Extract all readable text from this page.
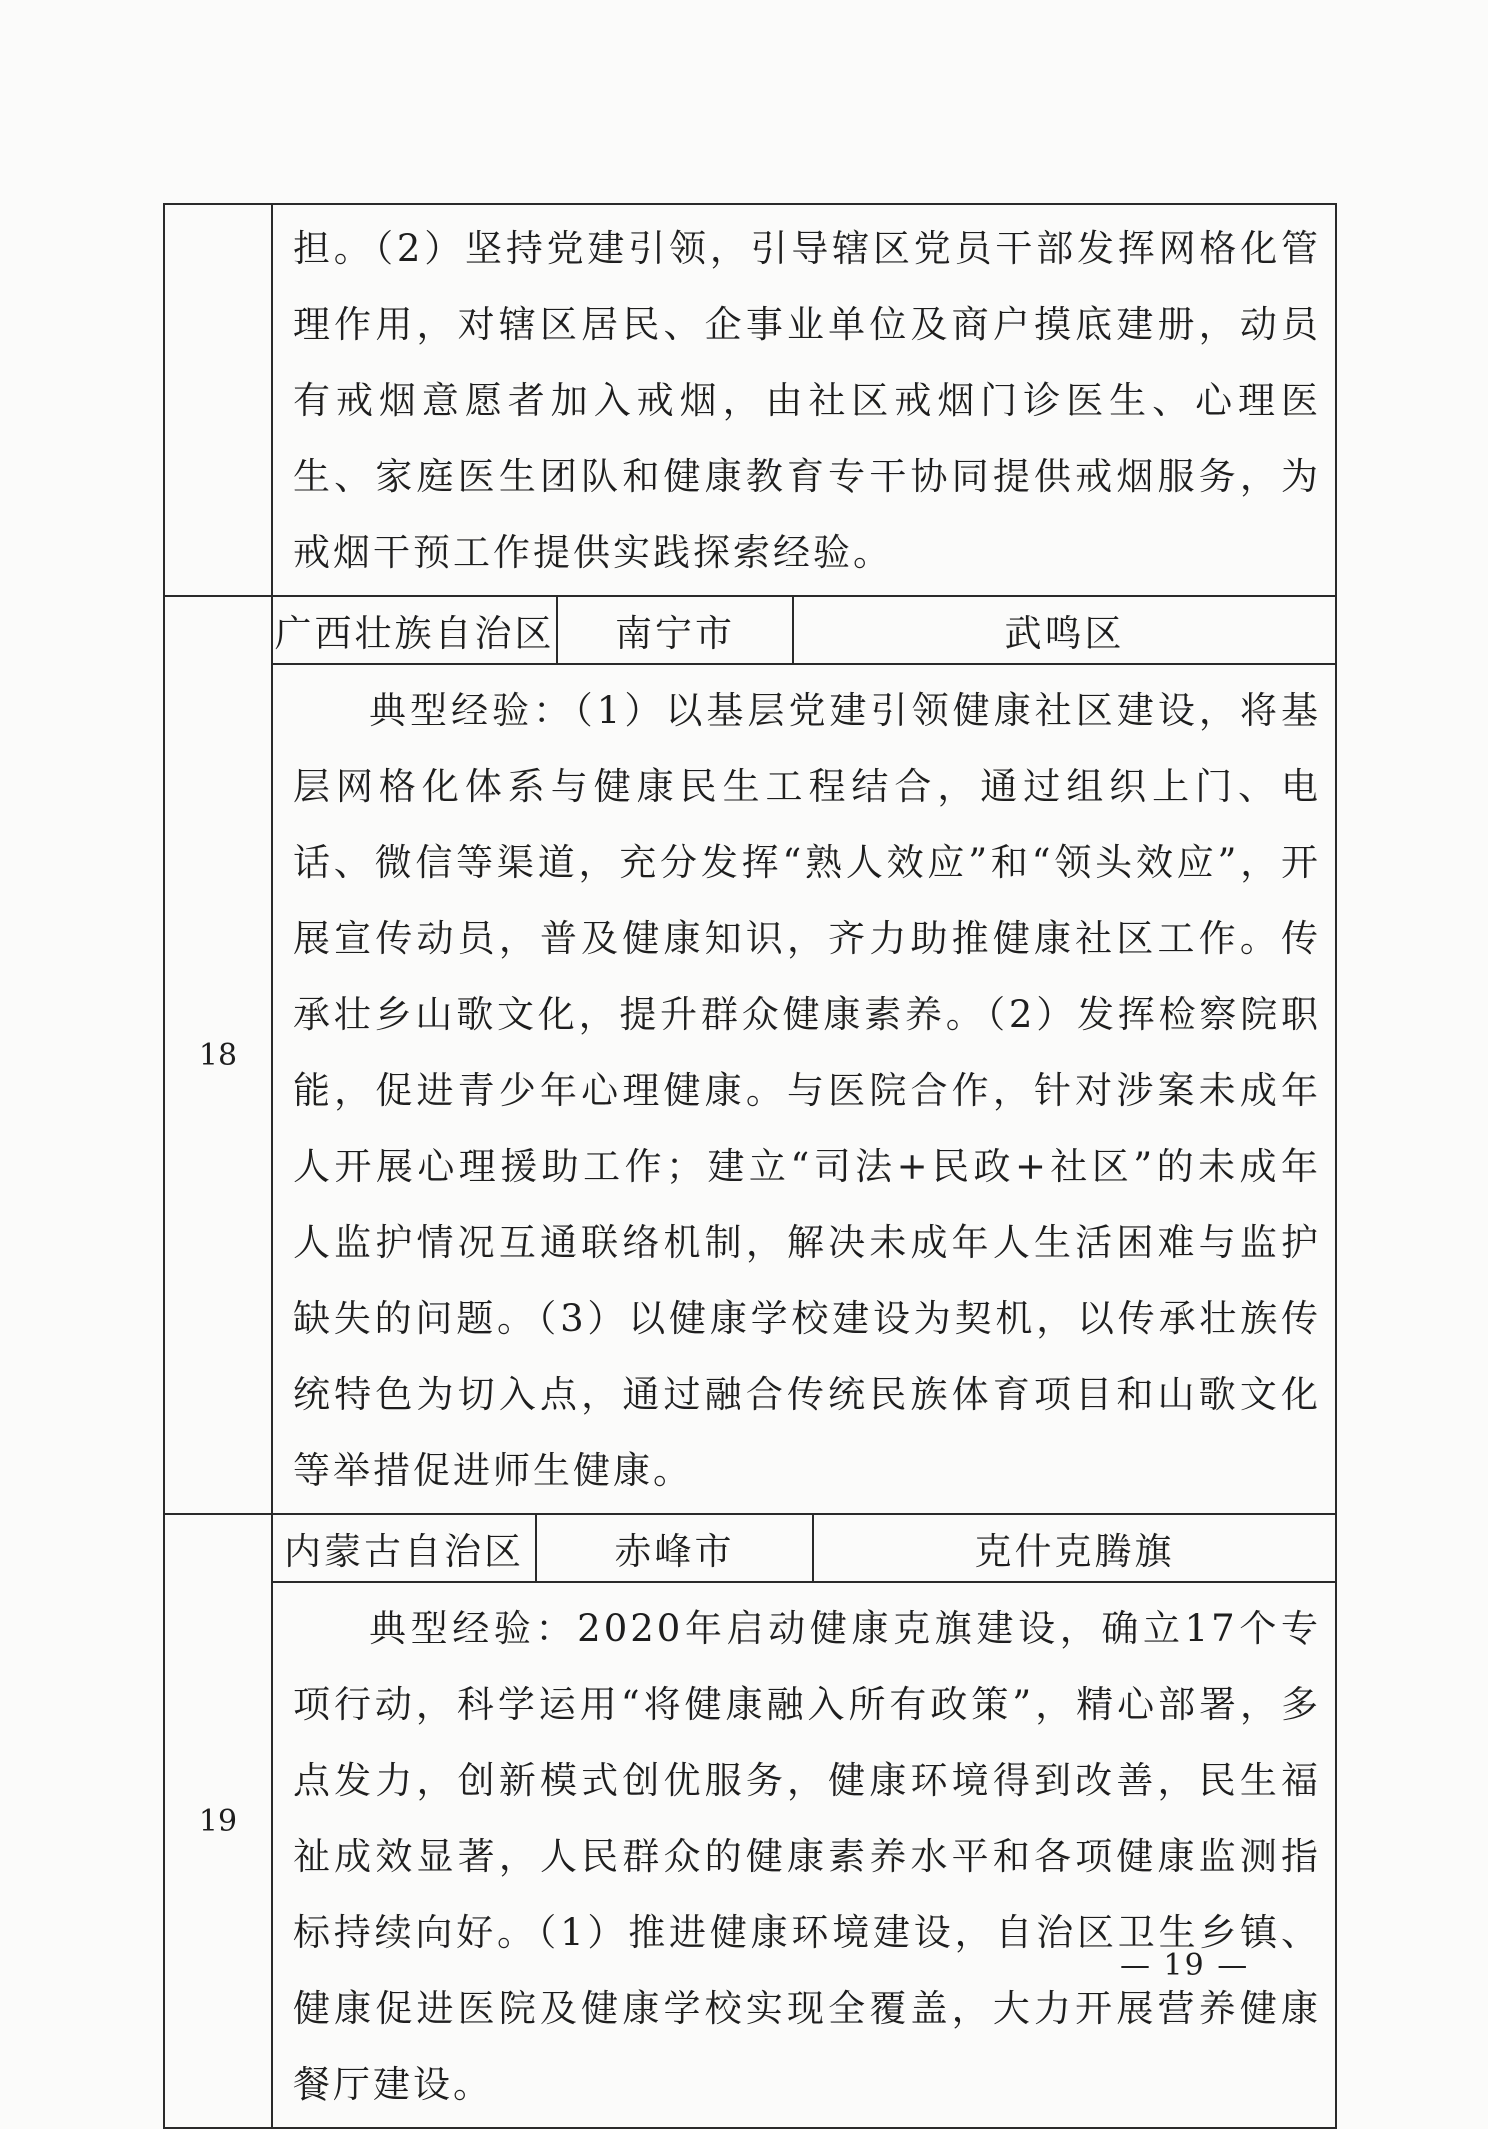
	担。（2）坚持党建引领，引导辖区党员干部发挥网格化管理作用，对辖区居民、企事业单位及商户摸底建册，动员有戒烟意愿者加入戒烟，由社区戒烟门诊医生、心理医生、家庭医生团队和健康教育专干协同提供戒烟服务，为戒烟干预工作提供实践探索经验。
18	
广西壮族自治区	南宁市	武鸣区

典型经验：（1）以基层党建引领健康社区建设，将基层网格化体系与健康民生工程结合，通过组织上门、电话、微信等渠道，充分发挥“熟人效应”和“领头效应”，开展宣传动员，普及健康知识，齐力助推健康社区工作。传承壮乡山歌文化，提升群众健康素养。（2）发挥检察院职能，促进青少年心理健康。与医院合作，针对涉案未成年人开展心理援助工作；建立“司法+民政+社区”的未成年人监护情况互通联络机制，解决未成年人生活困难与监护缺失的问题。（3）以健康学校建设为契机，以传承壮族传统特色为切入点，通过融合传统民族体育项目和山歌文化等举措促进师生健康。
19	
内蒙古自治区	赤峰市	克什克腾旗

典型经验：2020年启动健康克旗建设，确立17个专项行动，科学运用“将健康融入所有政策”，精心部署，多点发力，创新模式创优服务，健康环境得到改善，民生福祉成效显著，人民群众的健康素养水平和各项健康监测指标持续向好。（1）推进健康环境建设，自治区卫生乡镇、健康促进医院及健康学校实现全覆盖，大力开展营养健康餐厅建设。
— 19 —
